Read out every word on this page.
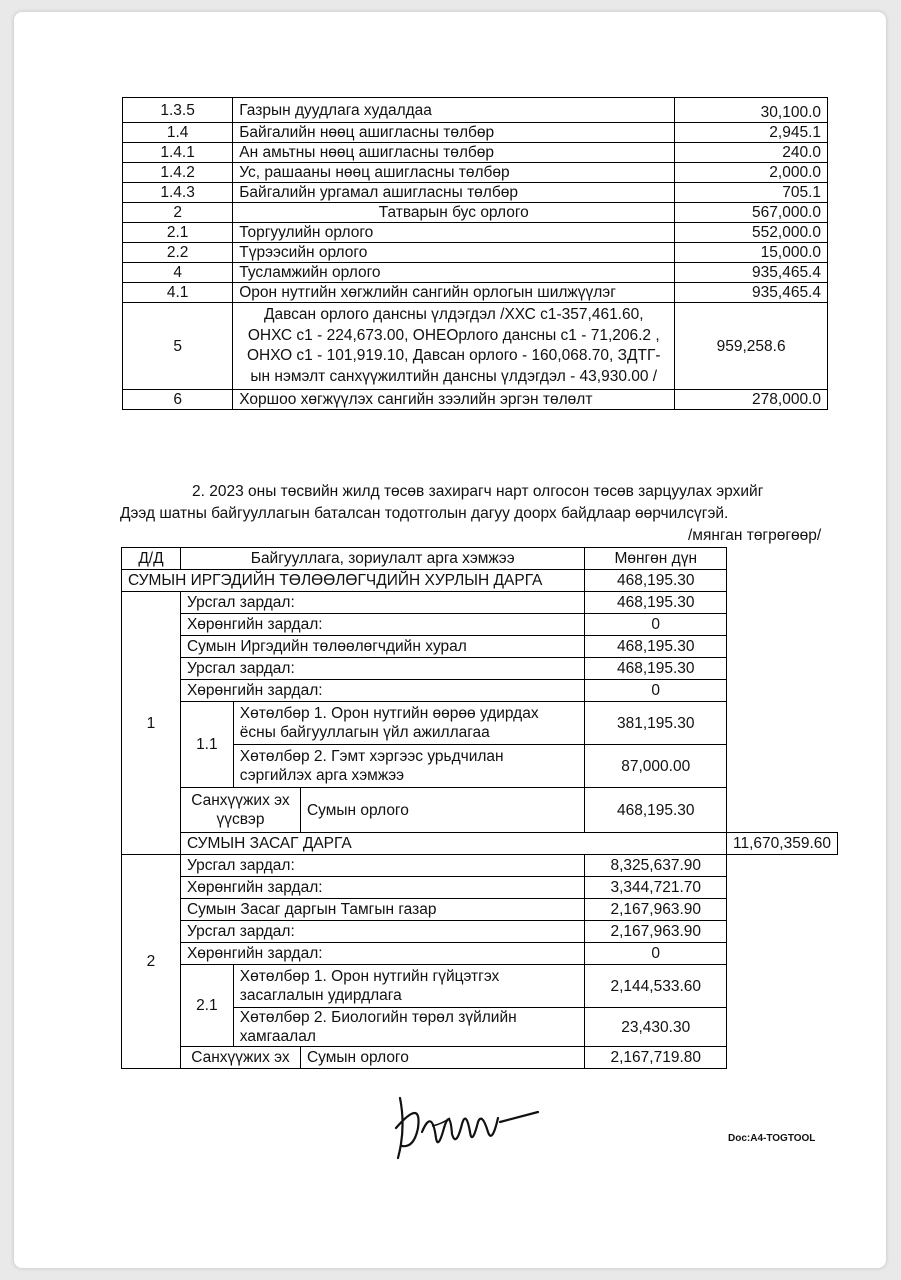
1.3.5	Газрын дуудлага худалдаа	30,100.0
1.4	Байгалийн нөөц ашигласны төлбөр	2,945.1
1.4.1	Ан амьтны нөөц ашигласны төлбөр	240.0
1.4.2	Ус, рашааны нөөц ашигласны төлбөр	2,000.0
1.4.3	Байгалийн ургамал ашигласны төлбөр	705.1
2	Татварын бус орлого	567,000.0
2.1	Торгуулийн орлого	552,000.0
2.2	Түрээсийн орлого	15,000.0
4	Тусламжийн орлого	935,465.4
4.1	Орон нутгийн хөгжлийн сангийн орлогын шилжүүлэг	935,465.4
5	Давсан орлого дансны үлдэгдэл /ХХС с1-357,461.60, ОНХС с1 - 224,673.00, ОНЕОрлого дансны с1 - 71,206.2 , ОНХО с1 - 101,919.10, Давсан орлого - 160,068.70, ЗДТГ-ын нэмэлт санхүүжилтийн дансны үлдэгдэл - 43,930.00 /	959,258.6
6	Хоршоо хөгжүүлэх сангийн зээлийн эргэн төлөлт	278,000.0
2. 2023 оны төсвийн жилд төсөв захирагч нарт олгосон төсөв зарцуулах эрхийг
Дээд шатны байгууллагын баталсан тодотголын дагуу доорх байдлаар өөрчилсүгэй.
/мянган төгрөгөөр/
Д/Д	Байгууллага, зориулалт арга хэмжээ			Мөнгөн дүн	
СУМЫН ИРГЭДИЙН ТӨЛӨӨЛӨГЧДИЙН ХУРЛЫН ДАРГА				468,195.30	
1	Урсгал зардал:			468,195.30	
	Хөрөнгийн зардал:			0	
	Сумын Иргэдийн төлөөлөгчдийн хурал			468,195.30	
	Урсгал зардал:			468,195.30	
	Хөрөнгийн зардал:			0	
	1.1	Хөтөлбөр 1. Орон нутгийн өөрөө удирдах ёсны байгууллагын үйл ажиллагаа		381,195.30	
		Хөтөлбөр 2. Гэмт хэргээс урьдчилан сэргийлэх арга хэмжээ		87,000.00	
	Санхүүжих эх үүсвэр		Сумын орлого	468,195.30	
	СУМЫН ЗАСАГ ДАРГА				11,670,359.60
2	Урсгал зардал:			8,325,637.90	
	Хөрөнгийн зардал:			3,344,721.70	
	Сумын Засаг даргын Тамгын газар			2,167,963.90	
	Урсгал зардал:			2,167,963.90	
	Хөрөнгийн зардал:			0	
	2.1	Хөтөлбөр 1. Орон нутгийн гүйцэтгэх засаглалын удирдлага		2,144,533.60	
		Хөтөлбөр 2. Биологийн төрөл зүйлийн хамгаалал		23,430.30	
	Санхүүжих эх		Сумын орлого	2,167,719.80	
Doc:A4-TOGTOOL
